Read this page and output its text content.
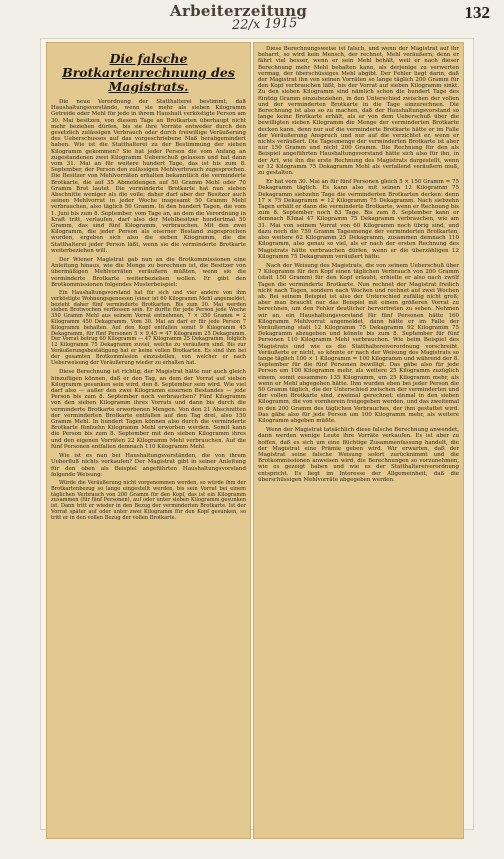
Arbeiterzeitung
22/x 1915
132
Die falsche Brotkartenrechnung des Magistrats.

Die neue Verordnung der Statthalterei bestimmt, daß Haushaltungsvorstände, wenn sie mehr als sieben Kilogramm Getreide oder Mehl für jede in ihrem Haushalt verköstigte Person am 30. Mai besitzen, von diesem Tage an Brotkarten überhaupt nicht mehr beziehen dürfen, bis sie ihre Vorräte entweder durch den gesetzlich zulässigen Verbrauch oder durch freiwillige Veräußerung des Ueberschusses auf das vorgeschriebene Maß herabgemindert haben. Wie ist die Statthalterei zu der Bestimmung der sieben Kilogramm gekommen? Sie hat jeder Person die vom Anfang an zugestandenen zwei Kilogramm Ueberschuß gelassen und hat dann vom 31. Mai an für weitere hundert Tage, das ist bis zum 8. September, der Person den zulässigen Mehlverbrauch zugesprochen. Die Besitzer von Mehlvorräten erhalten bekanntlich die verminderte Brotkarte, die auf 35 Abmeldungen auf 50 Gramm Mehl oder 70 Gramm Brot lautet. Die verminderte Brotkarte hat nun sieben Abschnitte weniger als die volle; daher darf aber der Besitzer auch seinen Mehlvorrat in jeder Woche insgesamt 50 Gramm Mehl verbrauchen, also täglich 50 Gramm. In den hundert Tagen, die vom 1. Juni bis zum 8. September, vom Tage an, an dem die Verordnung in Kraft tritt, verlaufen, darf also der Mehlbesitzer hundertmal 50 Gramm, das sind fünf Kilogramm, verbrauchen. Mit den zwei Kilogramm, die jeder Person als eiserner Bestand zugesprochen wurden, ergeben sich also die sieben Kilogramm, die die Statthalterei jeder Person läßt, wenn sie die verminderte Brotkarte weiterbeziehen will.

Der Wiener Magistrat gab nun an die Brotkommissionen eine Anleitung hinaus, wie die Menge zu berechnen ist, die Besitzer von übermäßigen Mehlvorräten veräußern müßten, wenn sie die verminderte Brotkarte weiterbeziehen wollen. Er gibt den Brotkommissionen folgendes Musterbeispiel:

Ein Haushaltungsvorstand hat für sich und vier andere von ihm verköstigte Wohnungsgenossen (einer ist 60 Kilogramm Mehl angemeldet, bezieht daher fünf verminderte Brotkarten. Bis zum 30. Mai werden sieben Brotwochen verflossen sein. Er durfte für jede Person jede Woche 350 Gramm Mehl aus seinem Vorrat entnehmen, 7 × 350 Gramm = 2 Kilogramm 450 Dekagramm. Vom 30. Mai an darf er für jede Person 7 Kilogramm behalten. Auf den Kopf entfallen somit 9 Kilogramm 45 Dekagramm, für fünf Personen 5 × 9,45 = 47 Kilogramm 25 Dekagramm. Der Vorrat betrug 60 Kilogramm — 47 Kilogramm 25 Dekagramm, folglich 12 Kilogramm 75 Dekagramm zuviel, welche zu veräußern sind. Bis zur Veräußerungsbestätigung hat er keine vollen Brotkarten. Es sind ihm bei der gesamten Brotkommission einzustellen, von welcher er nach Ueberweisung der Veräußerung wieder zu erhalten hat.

Diese Berechnung ist richtig; der Magistrat hätte nur auch gleich hinzufügen können, daß er den Tag, an dem der Vorrat auf sieben Kilogramm gesunken sein wird, den 8. September sein wird. Wie viel darf also — außer den zwei Kilogramm eisernen Bestandes — jede Person bis zum 8. September noch verbrauchen? Fünf Kilogramm von den sieben Kilogramm ihres Vorrats und dann bis durch die verminderte Brotkarte erworbenen Mengen. Von den 21 Abschnitten der verminderten Brotkarte entfallen auf den Tag drei, also 150 Gramm Mehl. In hundert Tagen können also durch die verminderte Brotkarte fünfzehn Kilogramm Mehl erworben werden. Somit kann die Person bis zum 8. September mit den sieben Kilogramm ihres und den eigenen Vorräten 22 Kilogramm Mehl verbrauchen. Auf die fünf Personen entfallen demnach 110 Kilogramm Mehl.

Wie ist es nun bei Haushaltungsvorständen, die von ihrem Ueberfluß nichts verkaufen? Der Magistrat gibt in seiner Anleitung für den oben als Beispiel angeführten Haushaltungsvorstand folgende Weisung:

Würde die Veräußerung nicht vorgenommen werden, so würde ihm der Brotkartenbezug so lange eingestellt werden, bis sein Vorrat bei einem täglichen Verbrauch von 200 Gramm für den Kopf, das ist ein Kilogramm zusammen (für fünf Personen), auf oder unter sieben Kilogramm gesunken ist. Dann tritt er wieder in den Bezug der verminderten Brotkarte. Ist der Vorrat später auf oder unter zwei Kilogramm für den Kopf gesunken, so tritt er in den vollen Bezug der vollen Brotkarte.

Diese Berechnungsweise ist falsch, und wenn der Magistrat auf ihr beharrt, so wird kein Mensch, der rechnet, Mehl veräußern; denn er fährt viel besser, wenn er sein Mehl behält, weil er nach dieser Berechnung mehr Mehl behalten kann, als derjenige zu verwerten vermag, der überschüssiges Mehl abgibt. Der Fehler liegt darin, daß der Magistrat ihn von seinen Vorräten so lange täglich 200 Gramm für den Kopf verbrauchen läßt, bis der Vorrat auf sieben Kilogramm sinkt. Zu den sieben Kilogramm sind nämlich schon die hundert Tage des fünfzig Gramm einzubeziehen, in den Unterschied zwischen der vollen und der verminderten Brotkarte in die Tage einzurechnen. Die Berechnung ist also so zu machen, daß der Haushaltungsvorstand so lange keine Brotkarte erhält, als er von dem Ueberschuß über die bewilligten sieben Kilogramm die Menge der verminderten Brotkarte decken kann, denn nur auf die verminderte Brotkarte hätte er im Falle der Veräußerung Anspruch und nur auf die verzichtet er, wenn er nichts veräußert. Die Tagesmenge der verminderten Brotkarte ist aber nur 150 Gramm und nicht 200 Gramm. Die Rechnung für den als Beispiel angeführten Haushaltungsvorstand hätte sich also für ihn, in der Art, wie ihn die erste Rechnung des Magistrats dargestellt, wenn er 12 Kilogramm 75 Dekagramm Mehl als verfallend veräußern muß, zu gestalten.

Er hat vom 30. Mai an für fünf Personen gleich 5 × 150 Gramm = 75 Dekagramm täglich. Es kann also mit seinen 12 Kilogramm 75 Dekagramm siebzehn Tage die verminderten Brotkarten decken: denn 17 × 75 Dekagramm = 12 Kilogramm 75 Dekagramm. Nach siebzehn Tagen erhält er dann die verminderte Brotkarte, wenn er Rechnung bis zum 8. September noch 83 Tage. Bis zum 8. September kann er demnach 83mal 47 Kilogramm 75 Dekagramm verbrauchen, wie am 31. Mai von seinem Vorrat von 60 Kilogramm noch übrig sind, und dazu noch die 750 Gramm Tagesmenge der verminderten Brotkarten, also weitere 62 Kilogramm 25 Dekagramm, zusammen demnach 110 Kilogramm, also genau so viel, als er nach der ersten Rechnung des Magistrats hätte verbrauchen dürfen, wenn er die überzähligen 12 Kilogramm 75 Dekagramm veräußert hätte.

Nach der Weisung des Magistrats, die von seinem Ueberschuß über 7 Kilogramm für den Kopf einen täglichen Verbrauch von 200 Gramm (statt 150 Gramm) für den Kopf erlaubt, erhielte er also nach zwölf Tagen die verminderte Brotkarte. Nun rechnet der Magistrat freilich nicht nach Tagen, sondern nach Wochen und rechnet auf zwei Wochen ab. Bei seinem Beispiel ist also der Unterschied zufällig nicht groß; aber man braucht nur das Beispiel mit einem größeren Vorrat zu berechnen, um den Fehler deutlicher hervortreten zu sehen. Nehmen wir an, ein Haushaltungsvorstand für fünf Personen hätte 160 Kilogramm Mehlvorrat angemeldet, dann hätte er im Falle der Veräußerung statt 12 Kilogramm 75 Dekagramm 92 Kilogramm 75 Dekagramm abzugeben und könnte bis zum 8. September für fünf Personen 110 Kilogramm Mehl verbrauchen. Wie beim Beispiel des Magistrats und wie es die Statthaltereiverordnung vorschreibt. Veräußerte er nicht, so könnte er nach der Weisung des Magistrats so lange täglich 100 × 1 Kilogramm = 100 Kilogramm und während der 8. September für die fünf Personen bewilligt. Das gäbe also für jede Person um 100 Kilogramm mehr, als weitere 25 Kilogramm zuzüglich einem, somit zusammen 135 Kilogramm, um 25 Kilogramm mehr, als wenn er Mehl abgegeben hätte. Ihm wurden eben bei jeder Person die 50 Gramm täglich, die der Unterschied zwischen der verminderten und der vollen Brotkarte sind, zweimal gerechnet: einmal in den sieben Kilogramm, die von vornherein freigegeben werden, und das zweitemal in den 200 Gramm des täglichen Verbrauches, der ihm gestattet wird. Das gäbe also für jede Person um 100 Kilogramm mehr, als weitere Kilogramm abgeben müßte.

Wenn der Magistrat tatsächlich diese falsche Berechnung anwendet, dann werden wenige Leute ihre Vorräte verkaufen. Es ist aber zu hoffen, daß es sich um eine flüchtige Zusammenfassung handelt, die der Magistrat eine Prämie geben wird. Wir erwarten, daß der Magistrat seine falsche Weisung sofort zurücknimmt und die Brotkommissionen anweisen wird, die Berechnungen so vorzunehmen, wie es gezeigt haben und wie es der Statthaltereiverordnung entspricht. Es liegt im Interesse der Allgemeinheit, daß die überschüssigen Mehlvorräte abgegeben werden.
